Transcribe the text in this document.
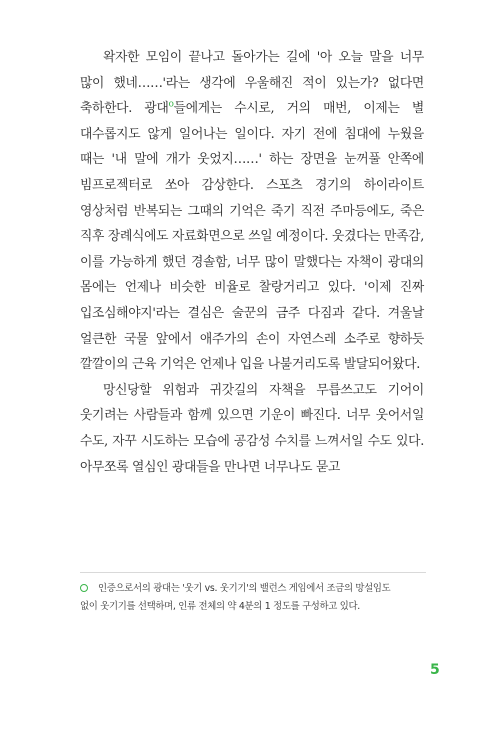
왁자한 모임이 끝나고 돌아가는 길에 '아 오늘 말을 너무 많이 했네……'라는 생각에 우울해진 적이 있는가? 없다면 축하한다. 광대$^o$들에게는 수시로, 거의 매번, 이제는 별 대수롭지도 않게 일어나는 일이다. 자기 전에 침대에 누웠을 때는 '내 말에 개가 웃었지……' 하는 장면을 눈꺼풀 안쪽에 빔프로젝터로 쏘아 감상한다. 스포츠 경기의 하이라이트 영상처럼 반복되는 그때의 기억은 죽기 직전 주마등에도, 죽은 직후 장례식에도 자료화면으로 쓰일 예정이다. 웃겼다는 만족감, 이를 가능하게 했던 경솔함, 너무 많이 말했다는 자책이 광대의 몸에는 언제나 비슷한 비율로 찰랑거리고 있다. '이제 진짜 입조심해야지'라는 결심은 술꾼의 금주 다짐과 같다. 겨울날 얼큰한 국물 앞에서 애주가의 손이 자연스레 소주로 향하듯 깔깔이의 근육 기억은 언제나 입을 나불거리도록 발달되어왔다.

망신당할 위험과 귀갓길의 자책을 무릅쓰고도 기어이 웃기려는 사람들과 함께 있으면 기운이 빠진다. 너무 웃어서일 수도, 자꾸 시도하는 모습에 공감성 수치를 느껴서일 수도 있다. 아무쪼록 열심인 광대들을 만나면 너무나도 묻고

인증으로서의 광대는 '웃기 vs. 웃기기'의 밸런스 게임에서 조금의 망설임도
없이 웃기기를 선택하며, 인류 전체의 약 4분의 1 정도를 구성하고 있다.
5
